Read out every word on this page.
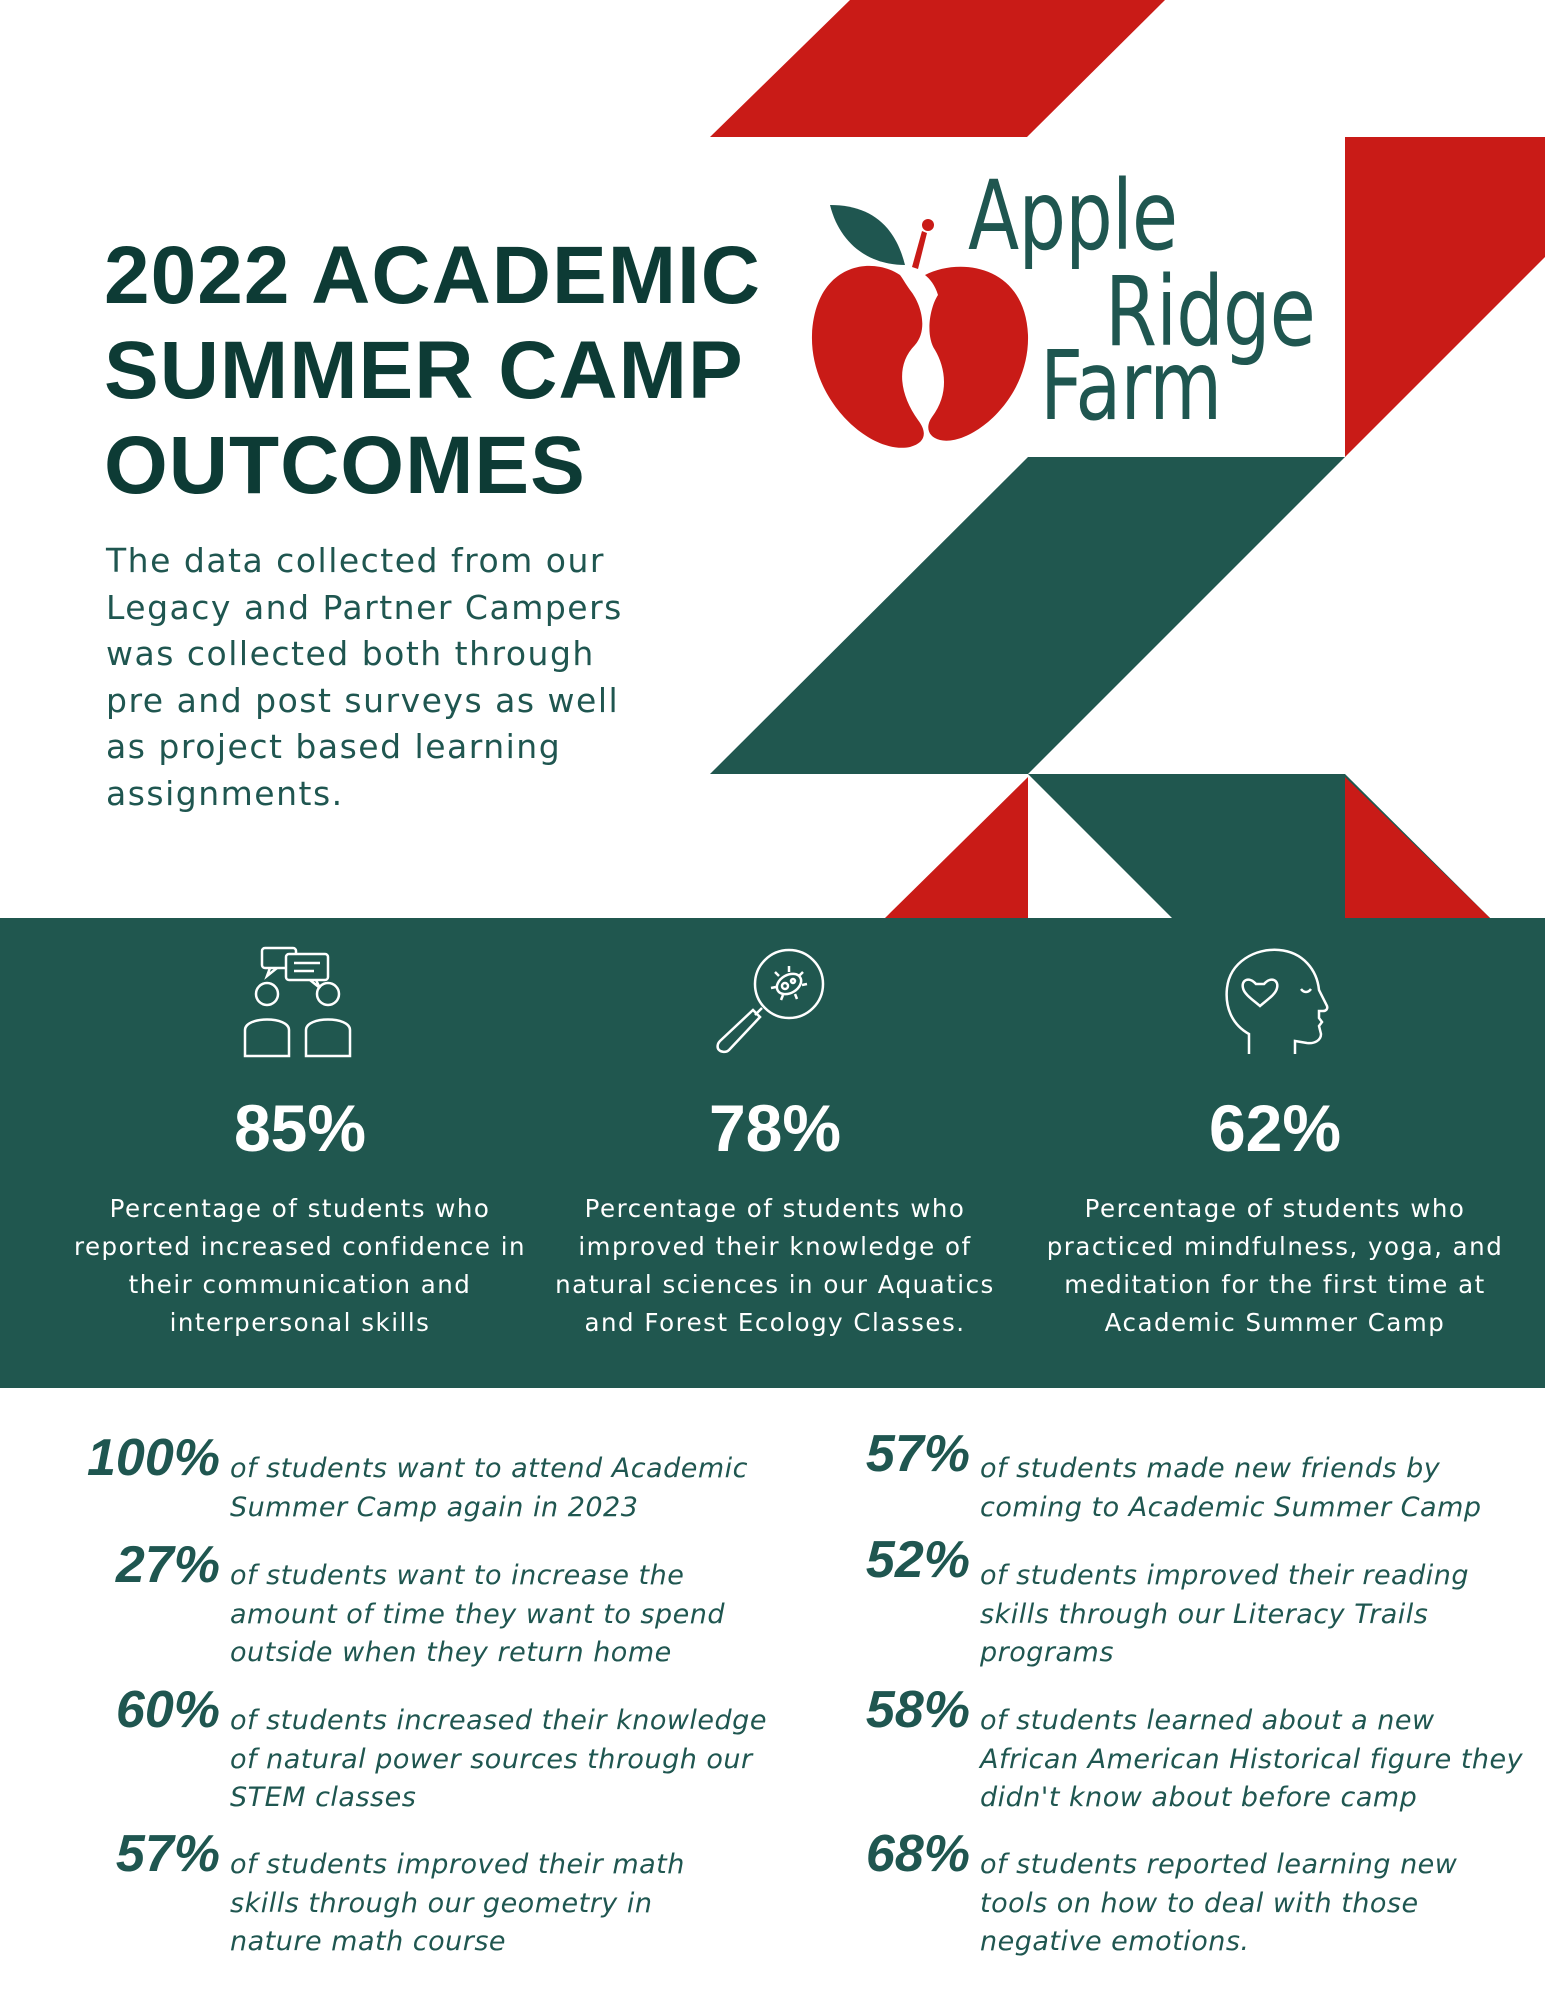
2022 ACADEMIC
SUMMER CAMP
OUTCOMES

The data collected from our Legacy and Partner Campers was collected both through pre and post surveys as well as project based learning assignments.

Apple
Ridge
Farm
85%
Percentage of students who reported increased confidence in their communication and interpersonal skills
78%
Percentage of students who improved their knowledge of natural sciences in our Aquatics and Forest Ecology Classes.
62%
Percentage of students who practiced mindfulness, yoga, and meditation for the first time at Academic Summer Camp
100% of students want to attend Academic Summer Camp again in 2023
27% of students want to increase the amount of time they want to spend outside when they return home
60% of students increased their knowledge of natural power sources through our STEM classes
57% of students improved their math skills through our geometry in nature math course
57% of students made new friends by coming to Academic Summer Camp
52% of students improved their reading skills through our Literacy Trails programs
58% of students learned about a new African American Historical figure they didn't know about before camp
68% of students reported learning new tools on how to deal with those negative emotions.
